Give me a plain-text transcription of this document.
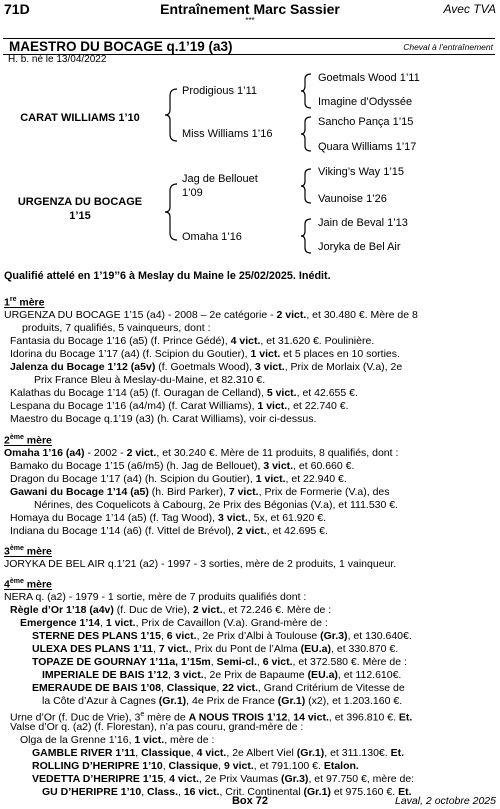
71D	Entraînement Marc Sassier	Avec TVA
***
MAESTRO DU BOCAGE q.1’19 (a3)	Cheval à l’entraînement
H. b. né le 13/04/2022
CARAT WILLIAMS 1’10
URGENZA DU BOCAGE
1’15
Prodigious 1’11
Miss Williams 1’16
Jag de Bellouet
1’09
Omaha 1’16
Goetmals Wood 1’11
Imagine d’Odyssée
Sancho Pança 1’15
Quara Williams 1’17
Viking’s Way 1’15
Vaunoise 1’26
Jain de Beval 1’13
Joryka de Bel Air
Qualifié attelé en 1’19’’6 à Meslay du Maine le 25/02/2025. Inédit.
1re mère
URGENZA DU BOCAGE 1’15 (a4) - 2008 – 2e catégorie - 2 vict., et 30.480 €. Mère de 8
produits, 7 qualifiés, 5 vainqueurs, dont :
Fantasia du Bocage 1’16 (a5) (f. Prince Gédé), 4 vict., et 31.620 €. Poulinière.
Idorina du Bocage 1’17 (a4) (f. Scipion du Goutier), 1 vict. et 5 places en 10 sorties.
Jalenza du Bocage 1’12 (a5v) (f. Goetmals Wood), 3 vict., Prix de Morlaix (V.a), 2e
Prix France Bleu à Meslay-du-Maine, et 82.310 €.
Kalathas du Bocage 1’14 (a5) (f. Ouragan de Celland), 5 vict., et 42.655 €.
Lespana du Bocage 1’16 (a4/m4) (f. Carat Williams), 1 vict., et 22.740 €.
Maestro du Bocage q.1’19 (a3) (h. Carat Williams), voir ci-dessus.
2ème mère
Omaha 1’16 (a4) - 2002 - 2 vict., et 30.240 €. Mère de 11 produits, 8 qualifiés, dont :
Bamako du Bocage 1’15 (a6/m5) (h. Jag de Bellouet), 3 vict., et 60.660 €.
Dragon du Bocage 1’17 (a4) (h. Scipion du Goutier), 1 vict., et 22.940 €.
Gawani du Bocage 1’14 (a5) (h. Bird Parker), 7 vict., Prix de Formerie (V.a), des
Nérines, des Coquelicots à Cabourg, 2e Prix des Bégonias (V.a), et 111.530 €.
Homaya du Bocage 1’14 (a5) (f. Tag Wood), 3 vict., 5x, et 61.920 €.
Indiana du Bocage 1’14 (a6) (f. Vittel de Brévol), 2 vict., et 42.695 €.
3ème mère
JORYKA DE BEL AIR q.1’21 (a2) - 1997 - 3 sorties, mère de 2 produits, 1 vainqueur.
4ème mère
NERA q. (a2) - 1979 - 1 sortie, mère de 7 produits qualifiés dont :
Règle d’Or 1’18 (a4v) (f. Duc de Vrie), 2 vict., et 72.246 €. Mère de :
Emergence 1’14, 1 vict., Prix de Cavaillon (V.a). Grand-mère de :
STERNE DES PLANS 1’15, 6 vict., 2e Prix d’Albi à Toulouse (Gr.3), et 130.640€.
ULEXA DES PLANS 1’11, 7 vict., Prix du Pont de l’Alma (EU.a), et 330.870 €.
TOPAZE DE GOURNAY 1’11a, 1’15m, Semi-cl., 6 vict., et 372.580 €. Mère de :
IMPERIALE DE BAIS 1’12, 3 vict., 2e Prix de Bapaume (EU.a), et 112.610€.
EMERAUDE DE BAIS 1’08, Classique, 22 vict., Grand Critérium de Vitesse de
la Côte d’Azur à Cagnes (Gr.1), 4e Prix de France (Gr.1) (x2), et 1.203.160 €.
Urne d’Or (f. Duc de Vrie), 3e mère de A NOUS TROIS 1’12, 14 vict., et 396.810 €. Et.
Valse d’Or q. (a2) (f. Florestan), n’a pas couru, grand-mère de :
Olga de la Grenne 1’16, 1 vict., mère de :
GAMBLE RIVER 1’11, Classique, 4 vict., 2e Albert Viel (Gr.1), et 311.130€. Et.
ROLLING D’HERIPRE 1’10, Classique, 9 vict., et 791.100 €. Etalon.
VEDETTA D’HERIPRE 1’15, 4 vict., 2e Prix Vaumas (Gr.3), et 97.750 €, mère de:
GU D’HERIPRE 1’10, Class., 16 vict., Crit. Continental (Gr.1) et 975.160 €. Et.
Box 72	Laval, 2 octobre 2025
